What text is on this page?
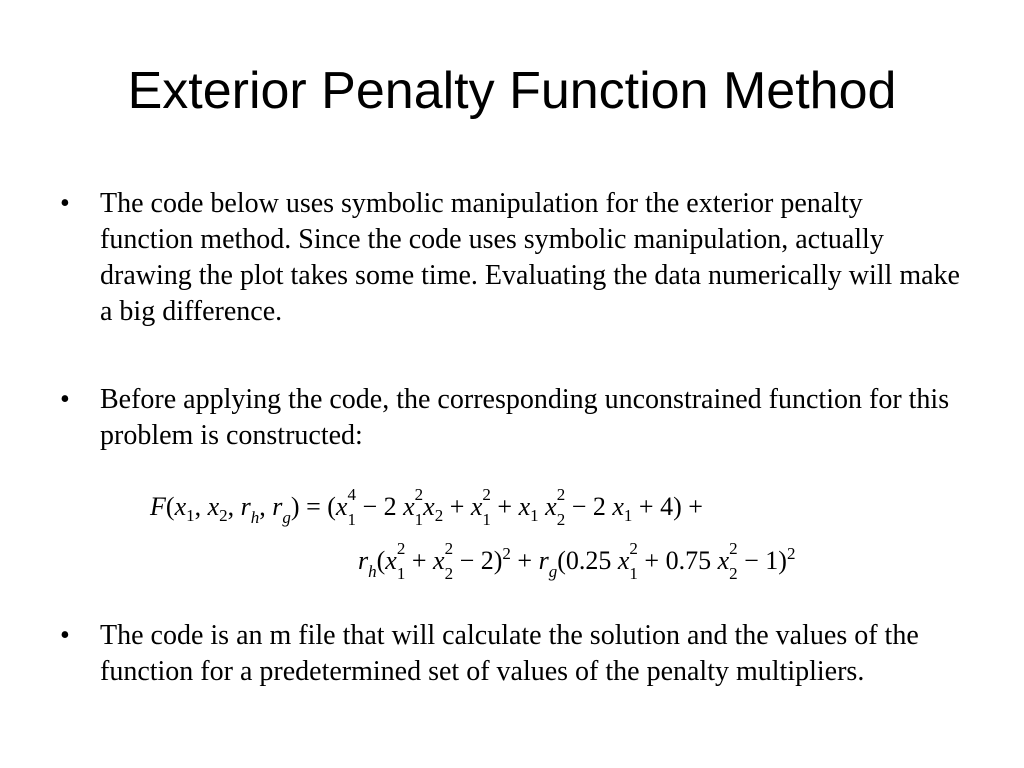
Exterior Penalty Function Method
• The code below uses symbolic manipulation for the exterior penalty function method. Since the code uses symbolic manipulation, actually drawing the plot takes some time. Evaluating the data numerically will make a big difference.
• Before applying the code, the corresponding unconstrained function for this problem is constructed:
$F(x_1$, $x_2$, $r_h$, $r_g) = (x$ 4
1 − 2 x 2
1 $x_2 + x$ 2
$1 + x_1$ x 2
2 − 2 $x_1 + 4$) +
$r_h(x$ 2
1 + x 2
$2 - 2)^2 + r_g(0.25$ x 2
1 + 0.75 x 2
2 − 1)$^2$
• The code is an m file that will calculate the solution and the values of the function for a predetermined set of values of the penalty multipliers.
